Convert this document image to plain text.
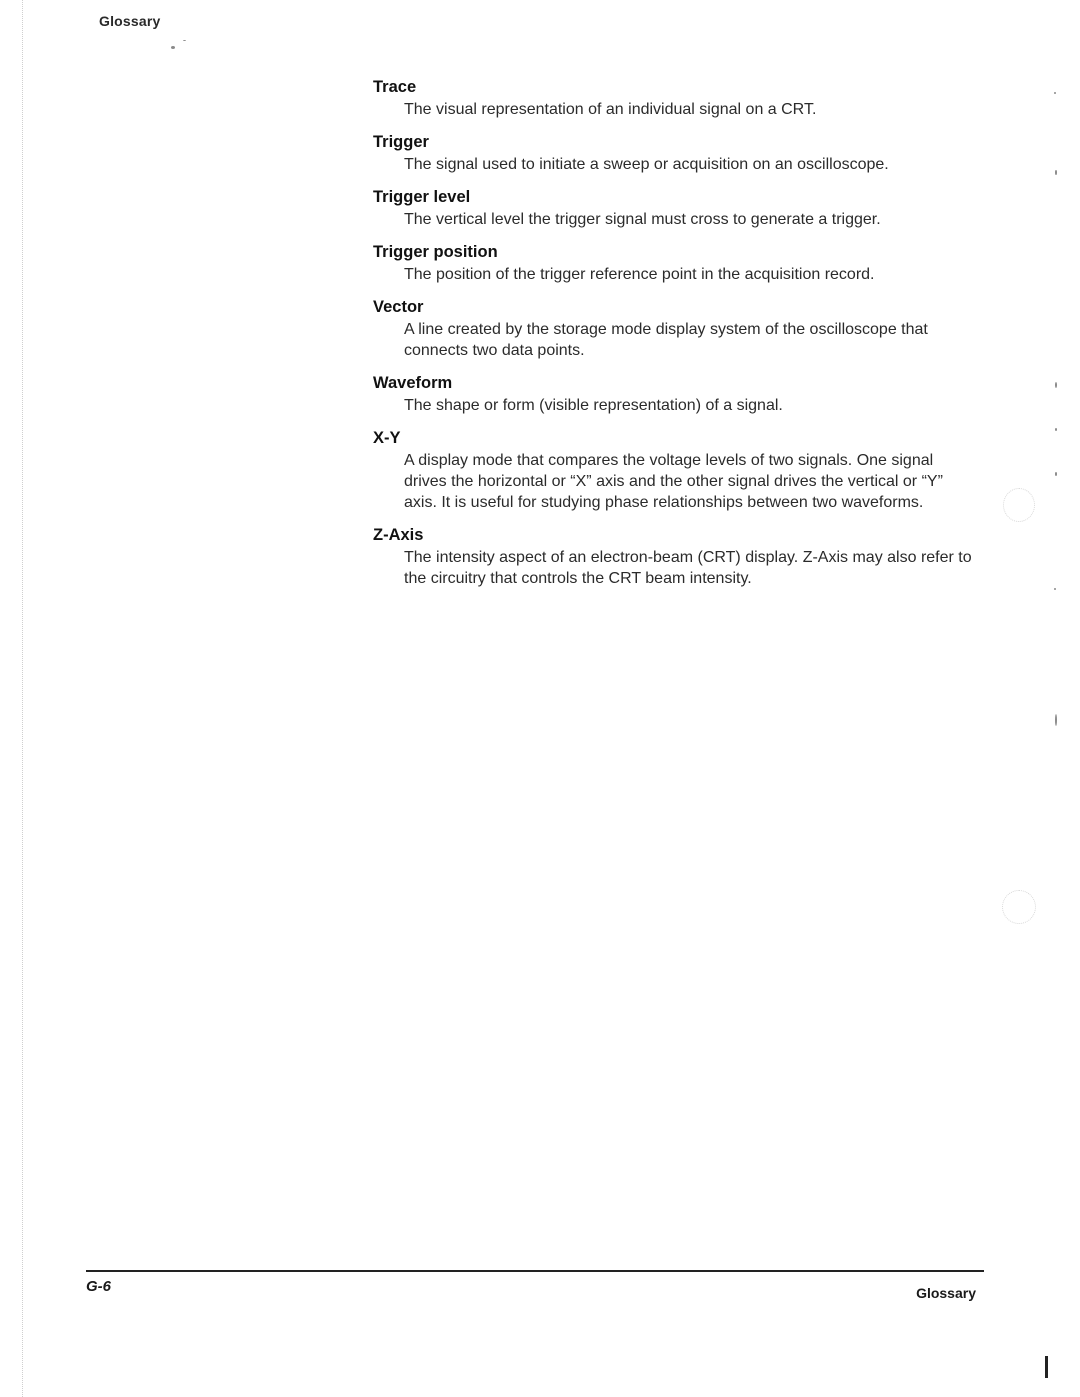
Glossary
Trace
The visual representation of an individual signal on a CRT.
Trigger
The signal used to initiate a sweep or acquisition on an oscilloscope.
Trigger level
The vertical level the trigger signal must cross to generate a trigger.
Trigger position
The position of the trigger reference point in the acquisition record.
Vector
A line created by the storage mode display system of the oscilloscope that connects two data points.
Waveform
The shape or form (visible representation) of a signal.
X-Y
A display mode that compares the voltage levels of two signals. One signal drives the horizontal or “X” axis and the other signal drives the vertical or “Y” axis. It is useful for studying phase relationships between two waveforms.
Z-Axis
The intensity aspect of an electron-beam (CRT) display. Z-Axis may also refer to the circuitry that controls the CRT beam intensity.
G-6	Glossary
